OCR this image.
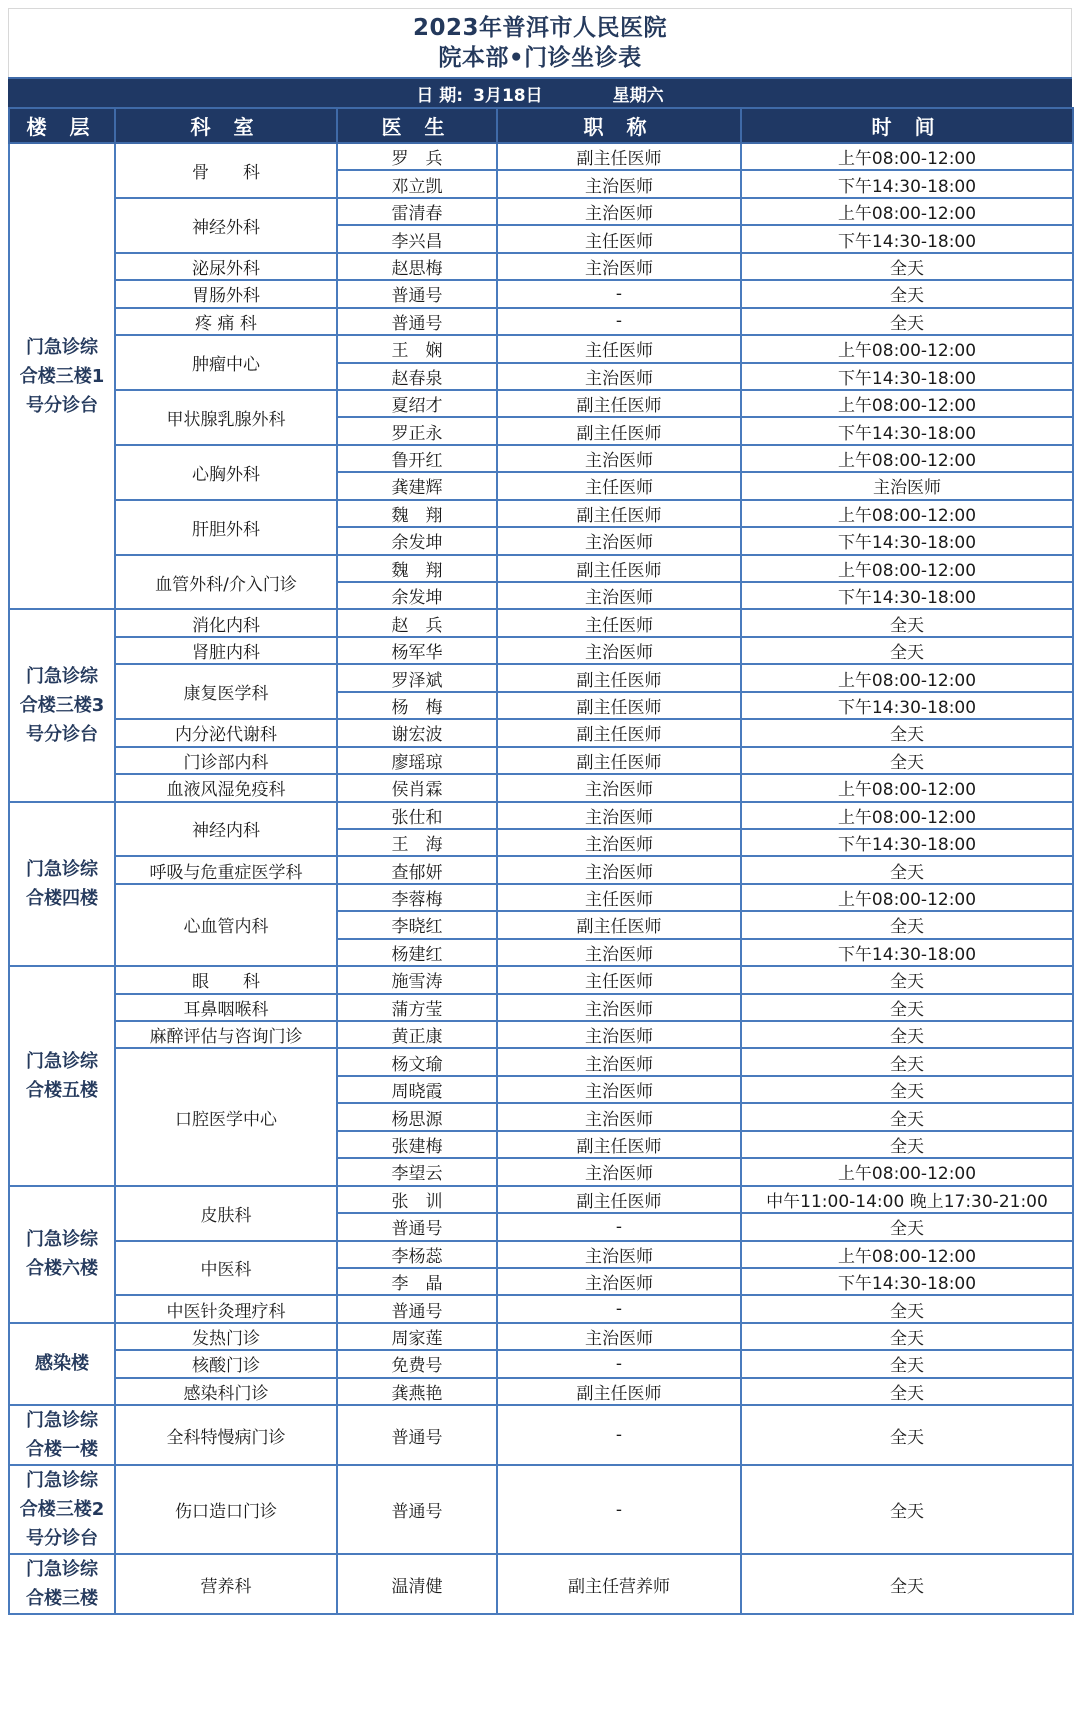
2023年普洱市人民医院
院本部•门诊坐诊表
日 期: 3月18日	星期六
楼 层	科 室	医 生	职 称	时 间

门急诊综
合楼三楼1
号分诊台	骨　　科	罗　兵	副主任医师	上午08:00-12:00
		邓立凯	主治医师	下午14:30-18:00
	神经外科	雷清春	主治医师	上午08:00-12:00
		李兴昌	主任医师	下午14:30-18:00
	泌尿外科	赵思梅	主治医师	全天
	胃肠外科	普通号	-	全天
	疼 痛 科	普通号	-	全天
	肿瘤中心	王　娴	主任医师	上午08:00-12:00
		赵春泉	主治医师	下午14:30-18:00
	甲状腺乳腺外科	夏绍才	副主任医师	上午08:00-12:00
		罗正永	副主任医师	下午14:30-18:00
	心胸外科	鲁开红	主治医师	上午08:00-12:00
		龚建辉	主任医师	主治医师
	肝胆外科	魏　翔	副主任医师	上午08:00-12:00
		余发坤	主治医师	下午14:30-18:00
	血管外科/介入门诊	魏　翔	副主任医师	上午08:00-12:00
		余发坤	主治医师	下午14:30-18:00

门急诊综
合楼三楼3
号分诊台	消化内科	赵　兵	主任医师	全天
	肾脏内科	杨军华	主治医师	全天
	康复医学科	罗泽斌	副主任医师	上午08:00-12:00
		杨　梅	副主任医师	下午14:30-18:00
	内分泌代谢科	谢宏波	副主任医师	全天
	门诊部内科	廖瑶琼	副主任医师	全天
	血液风湿免疫科	侯肖霖	主治医师	上午08:00-12:00

门急诊综
合楼四楼	神经内科	张仕和	主治医师	上午08:00-12:00
		王　海	主治医师	下午14:30-18:00
	呼吸与危重症医学科	查郁妍	主治医师	全天
	心血管内科	李蓉梅	主任医师	上午08:00-12:00
		李晓红	副主任医师	全天
		杨建红	主治医师	下午14:30-18:00

门急诊综
合楼五楼	眼　　科	施雪涛	主任医师	全天
	耳鼻咽喉科	蒲方莹	主治医师	全天
	麻醉评估与咨询门诊	黄正康	主治医师	全天
	口腔医学中心	杨文瑜	主治医师	全天
		周晓霞	主治医师	全天
		杨思源	主治医师	全天
		张建梅	副主任医师	全天
		李望云	主治医师	上午08:00-12:00

门急诊综
合楼六楼	皮肤科	张　训	副主任医师	中午11:00-14:00 晚上17:30-21:00
		普通号	-	全天
	中医科	李杨蕊	主治医师	上午08:00-12:00
		李　晶	主治医师	下午14:30-18:00
	中医针灸理疗科	普通号	-	全天

感染楼	发热门诊	周家莲	主治医师	全天
	核酸门诊	免费号	-	全天
	感染科门诊	龚燕艳	副主任医师	全天

门急诊综
合楼一楼	全科特慢病门诊	普通号	-	全天

门急诊综
合楼三楼2
号分诊台	伤口造口门诊	普通号	-	全天

门急诊综
合楼三楼	营养科	温清健	副主任营养师	全天
